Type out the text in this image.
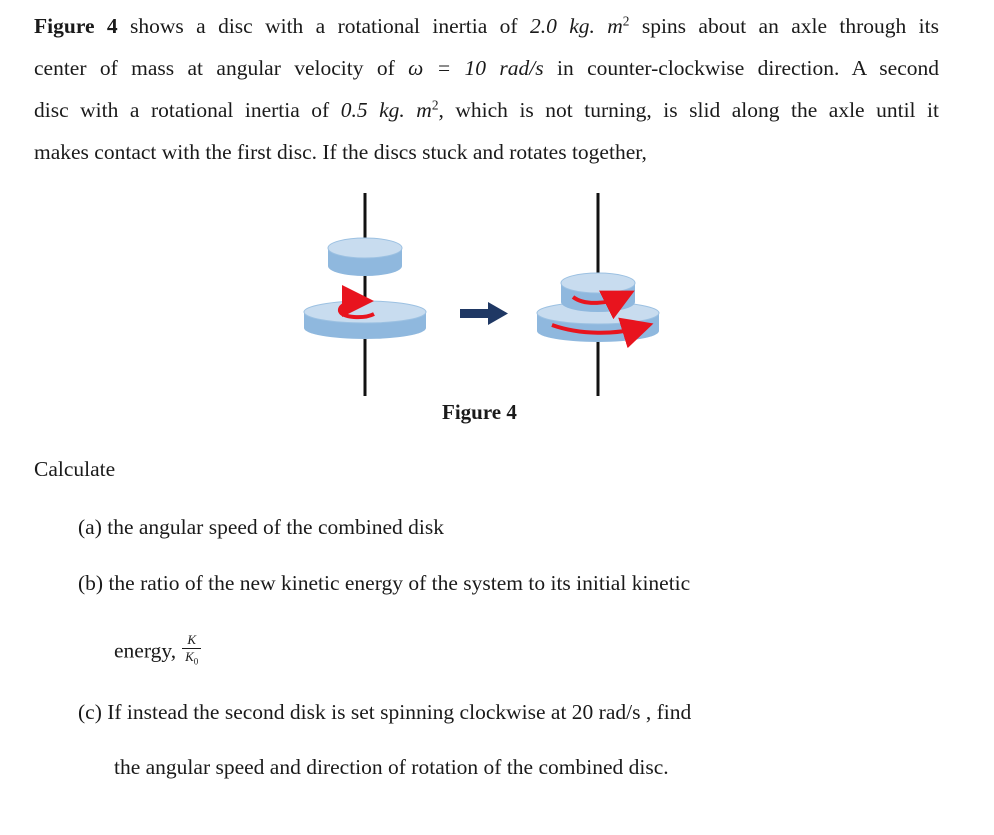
Figure 4 shows a disc with a rotational inertia of 2.0 kg. $m^2$ spins about an axle through its
center of mass at angular velocity of ω = 10 rad/s in counter-clockwise direction. A second
disc with a rotational inertia of 0.5 kg. $m^2$, which is not turning, is slid along the axle until it
makes contact with the first disc. If the discs stuck and rotates together,
Figure 4
Calculate
(a) the angular speed of the combined disk
(b) the ratio of the new kinetic energy of the system to its initial kinetic
energy, $\frac{K}{K_0}$
(c) If instead the second disk is set spinning clockwise at 20 rad/s , find
the angular speed and direction of rotation of the combined disc.
